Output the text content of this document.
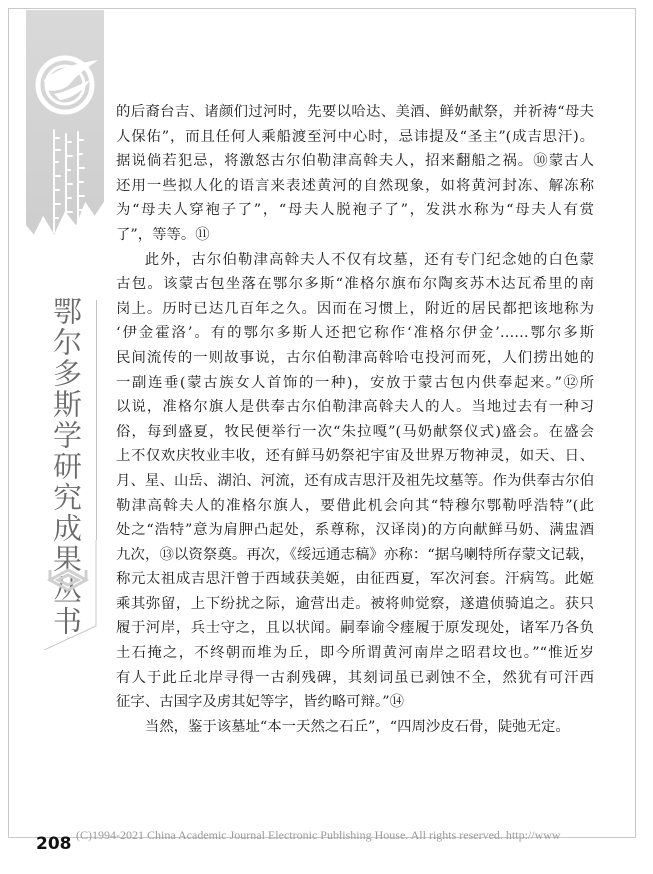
鄂尔多斯学研究成果丛书

的后裔台吉、诸颜们过河时，先要以哈达、美酒、鲜奶献祭，并祈祷“母夫
人保佑”，而且任何人乘船渡至河中心时，忌讳提及“圣主”(成吉思汗)。
据说倘若犯忌，将激怒古尔伯勒津高斡夫人，招来翻船之祸。⑩蒙古人
还用一些拟人化的语言来表述黄河的自然现象，如将黄河封冻、解冻称
为“母夫人穿袍子了”，“母夫人脱袍子了”，发洪水称为“母夫人有赏
了”，等等。⑪

此外，古尔伯勒津高斡夫人不仅有坟墓，还有专门纪念她的白色蒙
古包。该蒙古包坐落在鄂尔多斯“准格尔旗布尔陶亥苏木达瓦希里的南
岗上。历时已达几百年之久。因而在习惯上，附近的居民都把该地称为
‘伊金霍洛’。有的鄂尔多斯人还把它称作‘准格尔伊金’……鄂尔多斯
民间流传的一则故事说，古尔伯勒津高斡哈屯投河而死，人们捞出她的
一副连垂(蒙古族女人首饰的一种)，安放于蒙古包内供奉起来。”⑫所
以说，准格尔旗人是供奉古尔伯勒津高斡夫人的人。当地过去有一种习
俗，每到盛夏，牧民便举行一次“朱拉嘎”(马奶献祭仪式)盛会。在盛会
上不仅欢庆牧业丰收，还有鲜马奶祭祀宇宙及世界万物神灵，如天、日、
月、星、山岳、湖泊、河流，还有成吉思汗及祖先坟墓等。作为供奉古尔伯
勒津高斡夫人的准格尔旗人，要借此机会向其“特穆尔鄂勒呼浩特”(此
处之“浩特”意为肩胛凸起处，系尊称，汉译岗)的方向献鲜马奶、满盅酒
九次，⑬以资祭奠。再次，《绥远通志稿》亦称：“据乌喇特所存蒙文记载，
称元太祖成吉思汗曾于西域获美姬，由征西夏，军次河套。汗病笃。此姬
乘其弥留，上下纷扰之际，逾营出走。被将帅觉察，遂遣侦骑追之。获只
履于河岸，兵士守之，且以状闻。嗣奉谕令瘗履于原发现处，诸军乃各负
土石掩之，不终朝而堆为丘，即今所谓黄河南岸之昭君坟也。”“惟近岁
有人于此丘北岸寻得一古刹残碑，其刻词虽已剥蚀不全，然犹有可汗西
征字、古国字及虏其妃等字，皆约略可辩。”⑭

当然，鉴于该墓址“本一天然之石丘”，“四周沙皮石骨，陡弛无定。

208 (C)1994-2021 China Academic Journal Electronic Publishing House. All rights reserved. http://www
